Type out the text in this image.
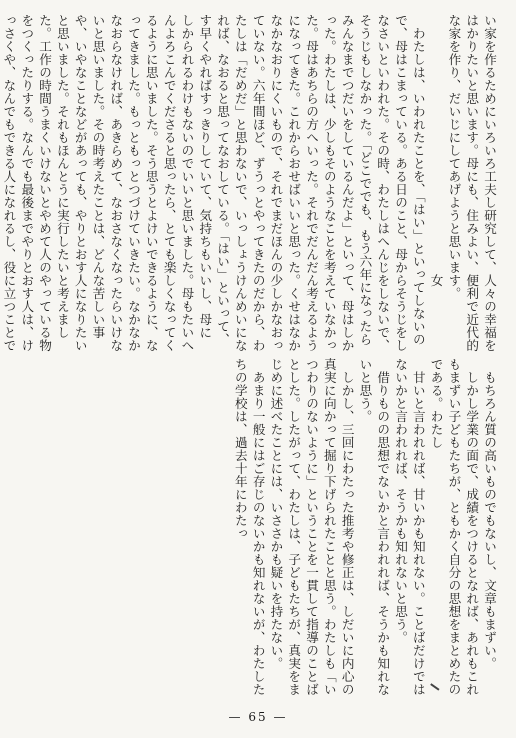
い家を作るためにいろいろ工夫し研究して、人々の幸福をはかりたいと思います。母にも、住みよい、便利で近代的な家を作り、だいじにしてあげようと思います。

女

わたしは、いわれたことを、「はい」といってしないので、母はこまっている。ある日のこと、母からそうじをしなさいといわれた。その時、わたしはへんじをしないで、そうじもしなかった。「どこででも、もう六年になったらみんなまでつだいをしているんだよ」といって、母はしかった。わたしは、少しもそのようなことを考えていなかった。母はあちらの方へいった。それでだんだん考えるようになってきた。これからおせばいいと思った。くせはなかなかなおりにくいもので、それでまだほんの少しかなおっていない。六年間ほど、ずうっとやってきたのだから、わたしは「だめだ」と思わないで、いっしょうけんめいになれば、なおると思ってなおしている。「はい」といって、す早くやればすっきりしていて、気持ちもいいし、母に

しかられるわけもないのでいいと思いました。母もたいへんよろこんでくださると思ったら、とても楽しくなってくるように思いました。そう思うとよけいできるように、なってきました。もっともっとつづけていきたい。なかなかなおらなければ、あきらめて、なおさなくなったらいけないと思いました。その時考えたことは、どんな苦しい事や、いやなことなどがあっても、やりとおす人になりたいと思いました。それもほんとうに実行したいと考えました。工作の時間うまくいけないとやめて人のやっている物をつくったりする。なんでも最後までやりとおす人は、けっさくや、なんでもできる人になれるし、役に立つことで

もちろん質の高いものでもないし、文章もまずい。

しかし学業の面で、成績をつけるとなれば、あれもこれもまずい子どもたちが、ともかく自分の思想をまとめたのである。わたし

甘いと言われれば、甘いかも知れない。ことばだけではないかと言われれば、そうかも知れないと思う。

借りものの思想でないかと言われれば、そうかも知れないと思う。

しかし、三回にわたった推考や修正は、しだいに内心の真実に向かって掘り下げられたことと思う。わたしも「いつわりのないように」ということを一貫して指導のことばとした。したがって、わたしは、子どもたちが、真実をまじめに述べたことには、いささかも疑いを持たない。

あまり一般にはご存じのないかも知れないが、わたしたちの学校は、過去十年にわたっ

— 65 —
